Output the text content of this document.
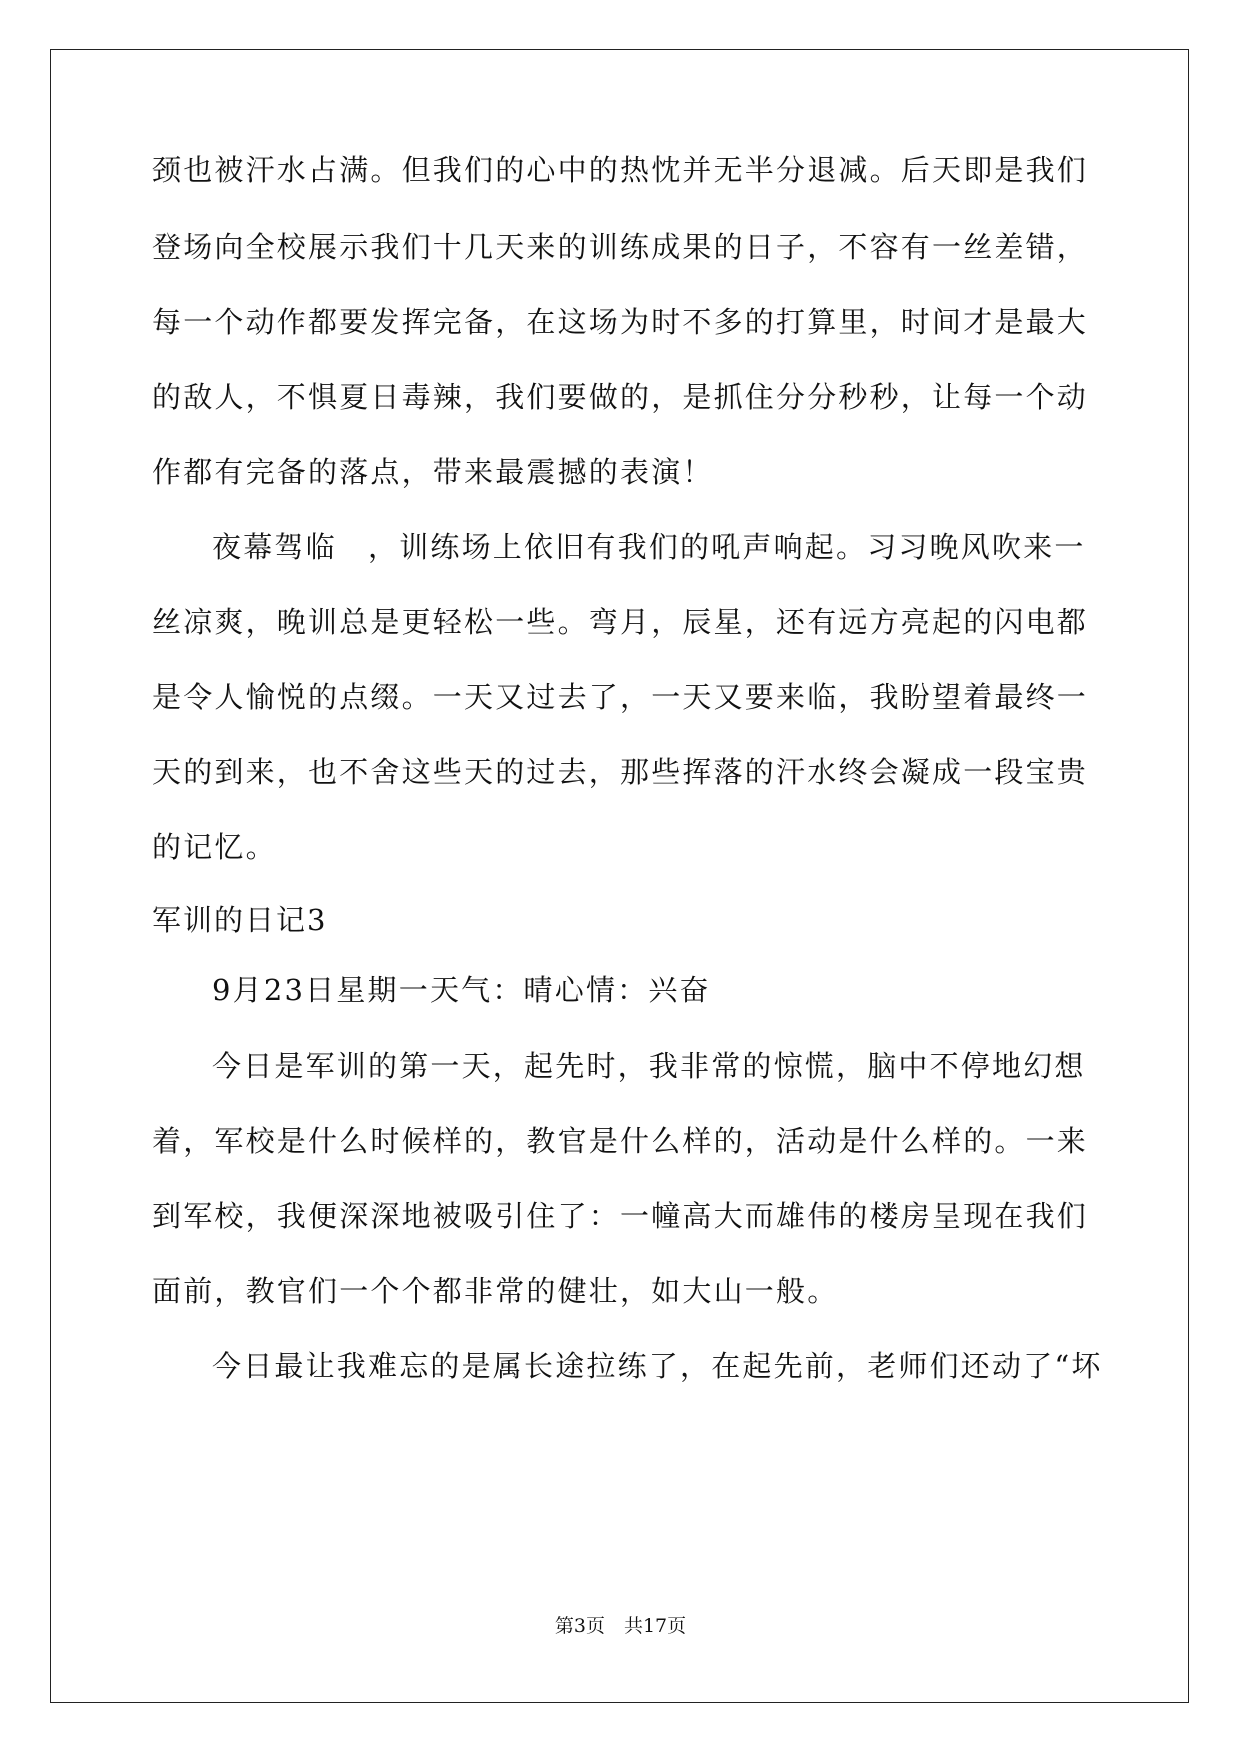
颈也被汗水占满。但我们的心中的热忱并无半分退减。后天即是我们
登场向全校展示我们十几天来的训练成果的日子，不容有一丝差错，
每一个动作都要发挥完备，在这场为时不多的打算里，时间才是最大
的敌人，不惧夏日毒辣，我们要做的，是抓住分分秒秒，让每一个动
作都有完备的落点，带来最震撼的表演！
夜幕驾临　，训练场上依旧有我们的吼声响起。习习晚风吹来一
丝凉爽，晚训总是更轻松一些。弯月，辰星，还有远方亮起的闪电都
是令人愉悦的点缀。一天又过去了，一天又要来临，我盼望着最终一
天的到来，也不舍这些天的过去，那些挥落的汗水终会凝成一段宝贵
的记忆。
军训的日记3
9月23日星期一天气：晴心情：兴奋
今日是军训的第一天，起先时，我非常的惊慌，脑中不停地幻想
着，军校是什么时候样的，教官是什么样的，活动是什么样的。一来
到军校，我便深深地被吸引住了：一幢高大而雄伟的楼房呈现在我们
面前，教官们一个个都非常的健壮，如大山一般。
今日最让我难忘的是属长途拉练了，在起先前，老师们还动了“坏
第3页　共17页
